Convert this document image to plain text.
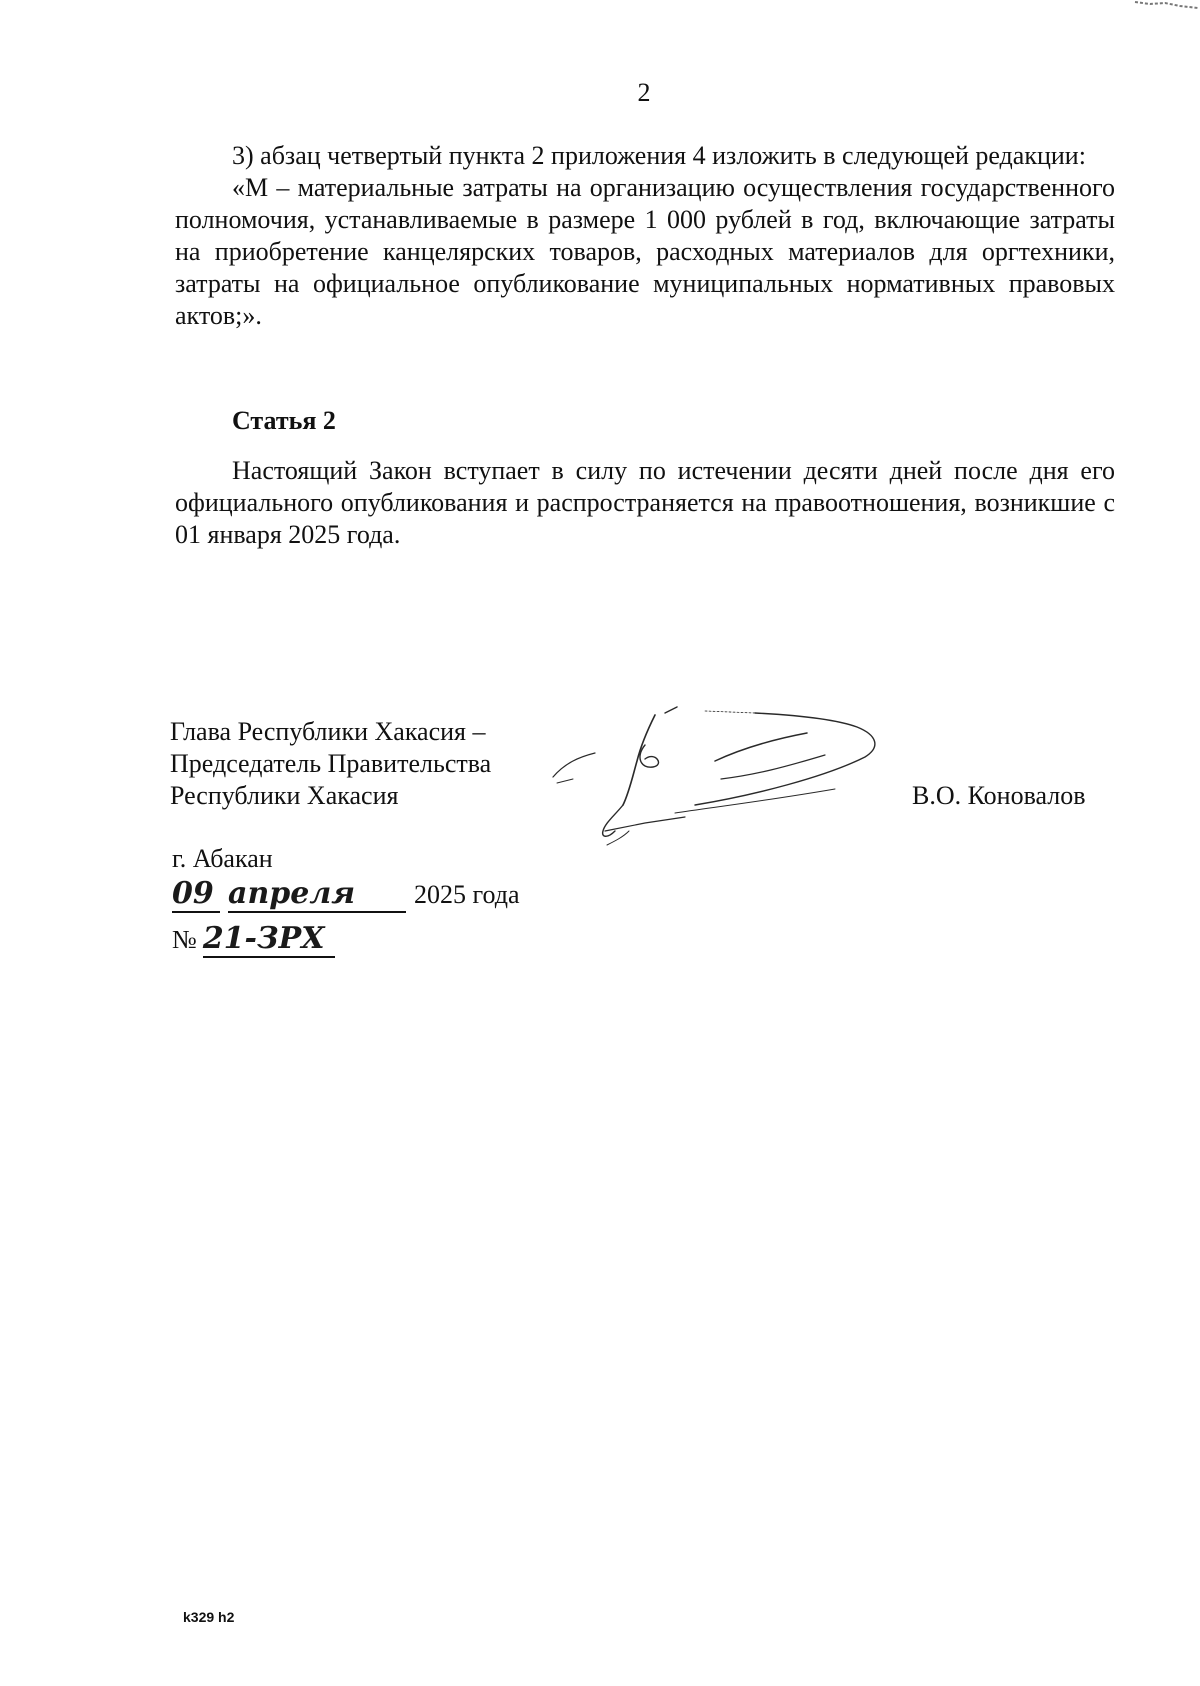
2

3) абзац четвертый пункта 2 приложения 4 изложить в следующей редакции:

«М – материальные затраты на организацию осуществления государственного полномочия, устанавливаемые в размере 1 000 рублей в год, включающие затраты на приобретение канцелярских товаров, расходных материалов для оргтехники, затраты на официальное опубликование муниципальных нормативных правовых актов;».

Статья 2

Настоящий Закон вступает в силу по истечении десяти дней после дня его официального опубликования и распространяется на правоотношения, возникшие с 01 января 2025 года.

Глава Республики Хакасия –
Председатель Правительства
Республики Хакасия	В.О. Коновалов
г. Абакан
09 апреля 2025 года
№ 21-ЗРХ
k329 h2
